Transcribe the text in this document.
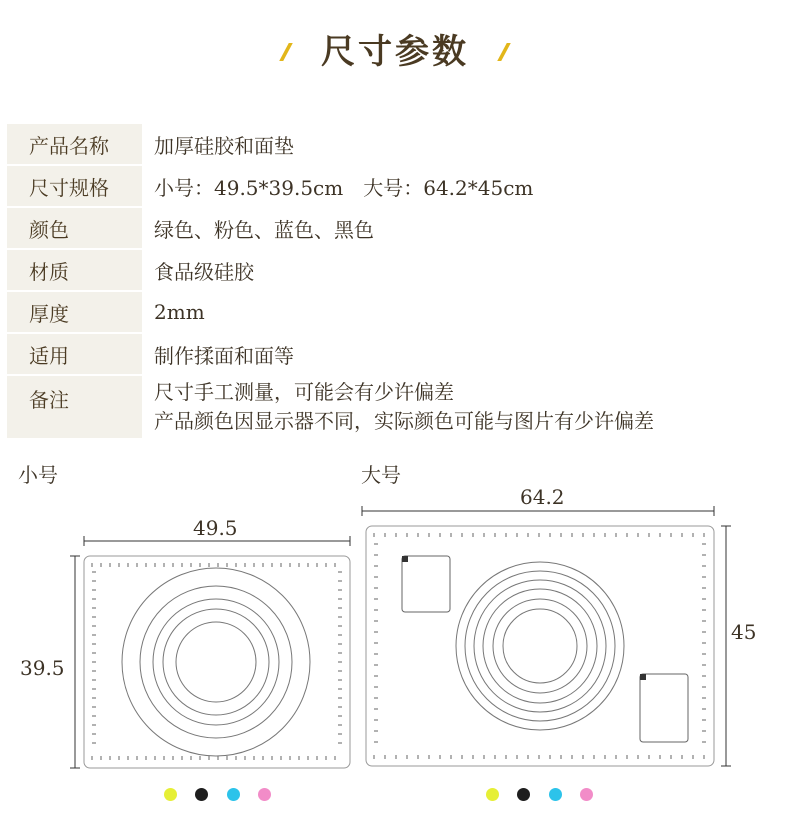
尺寸参数
产品名称	加厚硅胶和面垫
尺寸规格	小号：49.5*39.5cm　大号：64.2*45cm
颜色	绿色、粉色、蓝色、黑色
材质	食品级硅胶
厚度	2mm
适用	制作揉面和面等
备注	尺寸手工测量，可能会有少许偏差
产品颜色因显示器不同，实际颜色可能与图片有少许偏差
小号	大号
49.5
39.5
64.2
45
